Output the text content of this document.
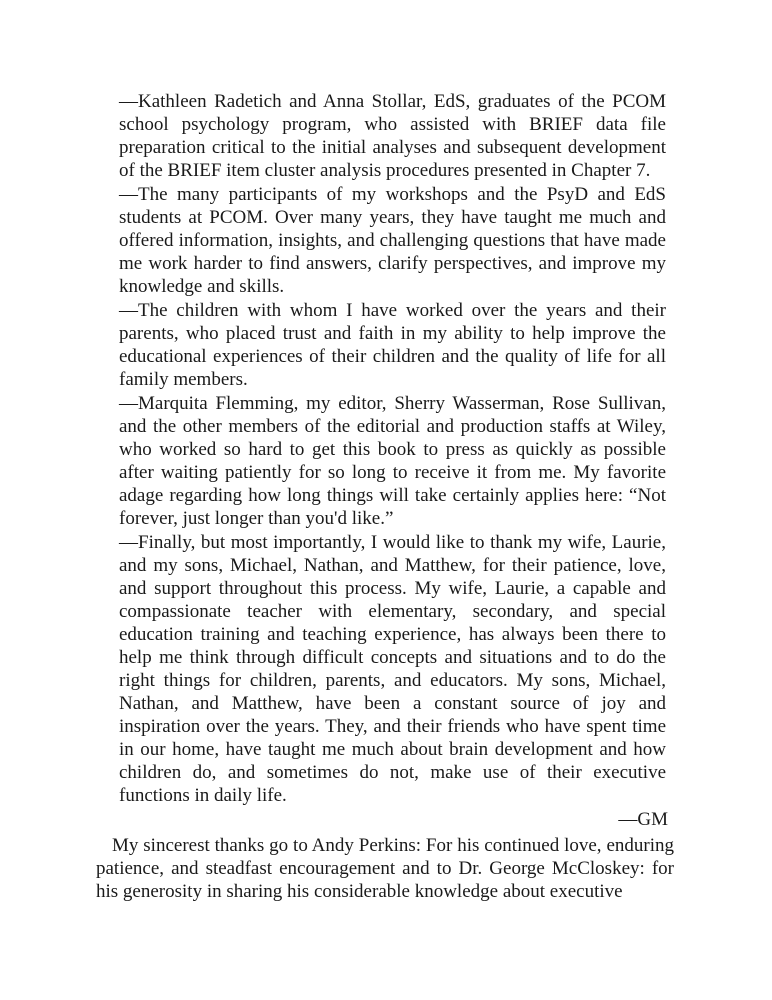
—Kathleen Radetich and Anna Stollar, EdS, graduates of the PCOM school psychology program, who assisted with BRIEF data file preparation critical to the initial analyses and subsequent development of the BRIEF item cluster analysis procedures presented in Chapter 7.

—The many participants of my workshops and the PsyD and EdS students at PCOM. Over many years, they have taught me much and offered information, insights, and challenging questions that have made me work harder to find answers, clarify perspectives, and improve my knowledge and skills.

—The children with whom I have worked over the years and their parents, who placed trust and faith in my ability to help improve the educational experiences of their children and the quality of life for all family members.

—Marquita Flemming, my editor, Sherry Wasserman, Rose Sullivan, and the other members of the editorial and production staffs at Wiley, who worked so hard to get this book to press as quickly as possible after waiting patiently for so long to receive it from me. My favorite adage regarding how long things will take certainly applies here: “Not forever, just longer than you'd like.”

—Finally, but most importantly, I would like to thank my wife, Laurie, and my sons, Michael, Nathan, and Matthew, for their patience, love, and support throughout this process. My wife, Laurie, a capable and compassionate teacher with elementary, secondary, and special education training and teaching experience, has always been there to help me think through difficult concepts and situations and to do the right things for children, parents, and educators. My sons, Michael, Nathan, and Matthew, have been a constant source of joy and inspiration over the years. They, and their friends who have spent time in our home, have taught me much about brain development and how children do, and sometimes do not, make use of their executive functions in daily life.

—GM

My sincerest thanks go to Andy Perkins: For his continued love, enduring patience, and steadfast encouragement and to Dr. George McCloskey: for his generosity in sharing his considerable knowledge about executive
